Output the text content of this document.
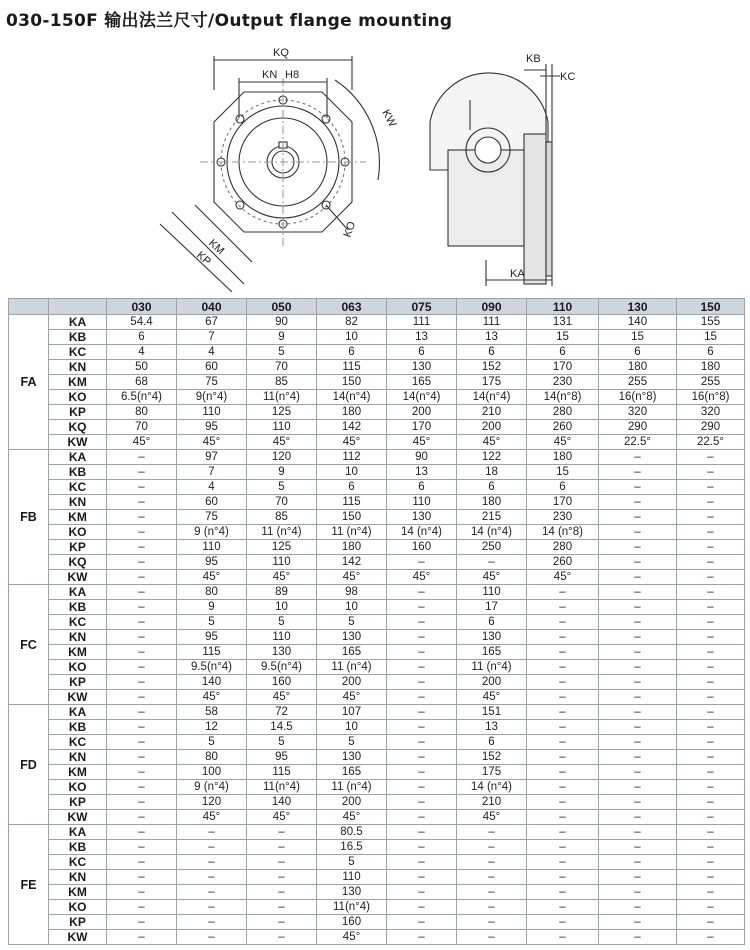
030-150F 输出法兰尺寸/Output flange mounting
KQ
KN H8
KW
KM
KP
KO
KB
KC
KA
		030	040	050	063	075	090	110	130	150
FA	KA	54.4	67	90	82	111	111	131	140	155
	KB	6	7	9	10	13	13	15	15	15
	KC	4	4	5	6	6	6	6	6	6
	KN	50	60	70	115	130	152	170	180	180
	KM	68	75	85	150	165	175	230	255	255
	KO	6.5(n°4)	9(n°4)	11(n°4)	14(n°4)	14(n°4)	14(n°4)	14(n°8)	16(n°8)	16(n°8)
	KP	80	110	125	180	200	210	280	320	320
	KQ	70	95	110	142	170	200	260	290	290
	KW	45°	45°	45°	45°	45°	45°	45°	22.5°	22.5°
FB	KA	–	97	120	112	90	122	180	–	–
	KB	–	7	9	10	13	18	15	–	–
	KC	–	4	5	6	6	6	6	–	–
	KN	–	60	70	115	110	180	170	–	–
	KM	–	75	85	150	130	215	230	–	–
	KO	–	9 (n°4)	11 (n°4)	11 (n°4)	14 (n°4)	14 (n°4)	14 (n°8)	–	–
	KP	–	110	125	180	160	250	280	–	–
	KQ	–	95	110	142	–	–	260	–	–
	KW	–	45°	45°	45°	45°	45°	45°	–	–
FC	KA	–	80	89	98	–	110	–	–	–
	KB	–	9	10	10	–	17	–	–	–
	KC	–	5	5	5	–	6	–	–	–
	KN	–	95	110	130	–	130	–	–	–
	KM	–	115	130	165	–	165	–	–	–
	KO	–	9.5(n°4)	9.5(n°4)	11 (n°4)	–	11 (n°4)	–	–	–
	KP	–	140	160	200	–	200	–	–	–
	KW	–	45°	45°	45°	–	45°	–	–	–
FD	KA	–	58	72	107	–	151	–	–	–
	KB	–	12	14.5	10	–	13	–	–	–
	KC	–	5	5	5	–	6	–	–	–
	KN	–	80	95	130	–	152	–	–	–
	KM	–	100	115	165	–	175	–	–	–
	KO	–	9 (n°4)	11(n°4)	11 (n°4)	–	14 (n°4)	–	–	–
	KP	–	120	140	200	–	210	–	–	–
	KW	–	45°	45°	45°	–	45°	–	–	–
FE	KA	–	–	–	80.5	–	–	–	–	–
	KB	–	–	–	16.5	–	–	–	–	–
	KC	–	–	–	5	–	–	–	–	–
	KN	–	–	–	110	–	–	–	–	–
	KM	–	–	–	130	–	–	–	–	–
	KO	–	–	–	11(n°4)	–	–	–	–	–
	KP	–	–	–	160	–	–	–	–	–
	KW	–	–	–	45°	–	–	–	–	–
